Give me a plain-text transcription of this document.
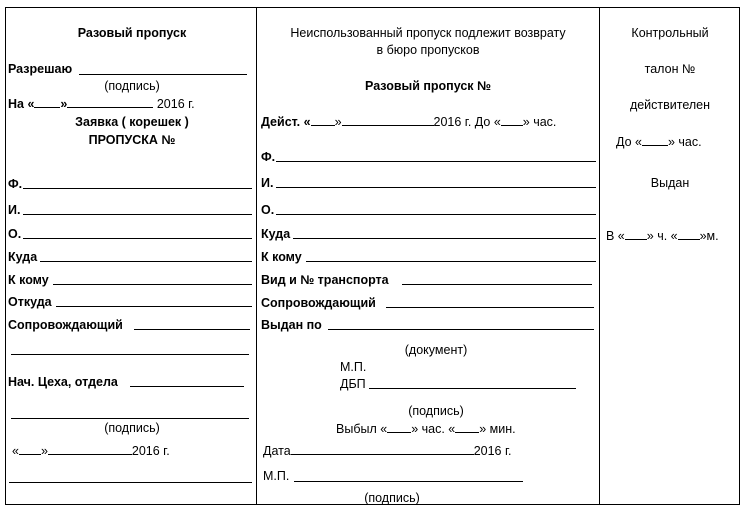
Разовый пропуск
Разрешаю
(подпись)
На « »	2016 г.
Заявка ( корешек )
ПРОПУСКА №
Ф.
И.
О.
Куда
К кому
Откуда
Сопровождающий
Нач. Цеха, отдела
(подпись)
« »	2016 г.
Неиспользованный пропуск подлежит возврату
в бюро пропусков
Разовый пропуск №
Дейст. « »	2016 г. До « » час.
Ф.
И.
О.
Куда
К кому
Вид и № транспорта
Сопровождающий
Выдан по
(документ)
М.П.
ДБП
(подпись)
Выбыл « » час. « » мин.
Дата	2016 г.
М.П.
(подпись)
Контрольный
талон №
действителен
До « » час.
Выдан
В « » ч. « »м.
